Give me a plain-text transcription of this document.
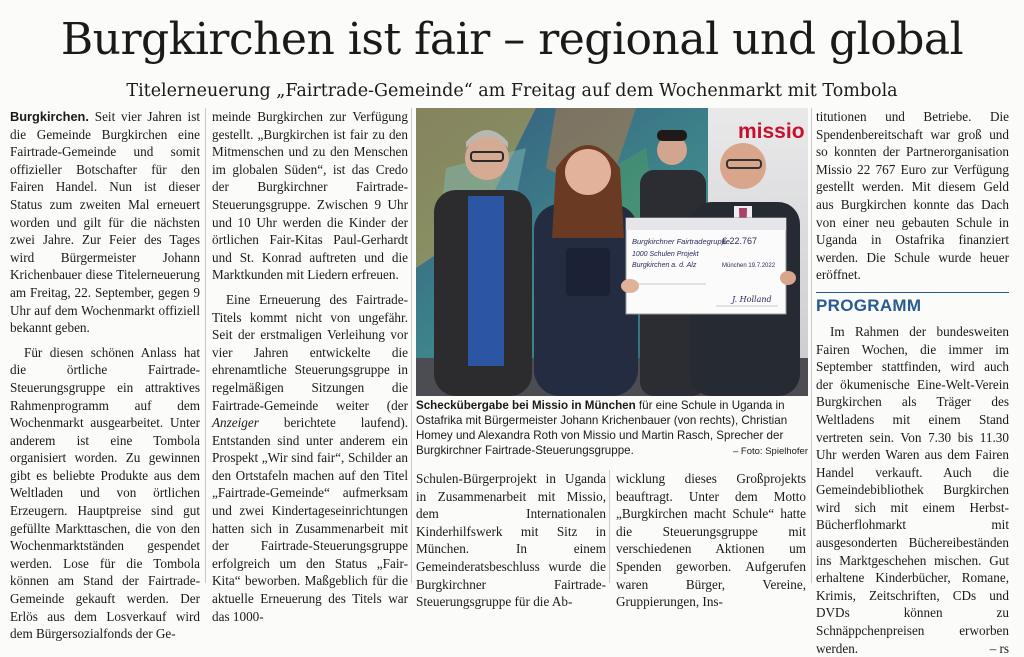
Burgkirchen ist fair – regional und global
Titelerneuerung „Fairtrade-Gemeinde“ am Freitag auf dem Wochenmarkt mit Tombola

Burgkirchen. Seit vier Jahren ist die Gemeinde Burgkirchen eine Fairtrade-Gemeinde und somit offizieller Botschafter für den Fairen Handel. Nun ist dieser Status zum zweiten Mal erneuert worden und gilt für die nächsten zwei Jahre. Zur Feier des Tages wird Bürgermeister Johann Krichenbauer diese Titelerneuerung am Freitag, 22. September, gegen 9 Uhr auf dem Wochenmarkt offiziell bekannt geben.

Für diesen schönen Anlass hat die örtliche Fairtrade-Steuerungsgruppe ein attraktives Rahmenprogramm auf dem Wochenmarkt ausgearbeitet. Unter anderem ist eine Tombola organisiert worden. Zu gewinnen gibt es beliebte Produkte aus dem Weltladen und von örtlichen Erzeugern. Hauptpreise sind gut gefüllte Markttaschen, die von den Wochenmarktständen gespendet werden. Lose für die Tombola können am Stand der Fairtrade-Gemeinde gekauft werden. Der Erlös aus dem Losverkauf wird dem Bürgersozialfonds der Ge-

meinde Burgkirchen zur Verfügung gestellt. „Burgkirchen ist fair zu den Mitmenschen und zu den Menschen im globalen Süden“, ist das Credo der Burgkirchner Fairtrade-Steuerungsgruppe. Zwischen 9 Uhr und 10 Uhr werden die Kinder der örtlichen Fair-Kitas Paul-Gerhardt und St. Konrad auftreten und die Marktkunden mit Liedern erfreuen.

Eine Erneuerung des Fairtrade-Titels kommt nicht von ungefähr. Seit der erstmaligen Verleihung vor vier Jahren entwickelte die ehrenamtliche Steuerungsgruppe in regelmäßigen Sitzungen die Fairtrade-Gemeinde weiter (der Anzeiger berichtete laufend). Entstanden sind unter anderem ein Prospekt „Wir sind fair“, Schilder an den Ortstafeln machen auf den Titel „Fairtrade-Gemeinde“ aufmerksam und zwei Kindertageseinrichtungen hatten sich in Zusammenarbeit mit der Fairtrade-Steuerungsgruppe erfolgreich um den Status „Fair-Kita“ beworben. Maßgeblich für die aktuelle Erneuerung des Titels war das 1000-

missio
Burgkirchner Fairtradegruppe
1000 Schulen Projekt
Burgkirchen a. d. Alz
€ 22.767
München 19.7.2022
J. Holland
Scheckübergabe bei Missio in München für eine Schule in Uganda in Ostafrika mit Bürgermeister Johann Krichenbauer (von rechts), Christian Homey und Alexandra Roth von Missio und Martin Rasch, Sprecher der Burgkirchner Fairtrade-Steuerungsgruppe.	– Foto: Spielhofer

Schulen-Bürgerprojekt in Uganda in Zusammenarbeit mit Missio, dem Internationalen Kinderhilfswerk mit Sitz in München. In einem Gemeinderatsbeschluss wurde die Burgkirchner Fairtrade-Steuerungsgruppe für die Ab-

wicklung dieses Großprojekts beauftragt. Unter dem Motto „Burgkirchen macht Schule“ hatte die Steuerungsgruppe mit verschiedenen Aktionen um Spenden geworben. Aufgerufen waren Bürger, Vereine, Gruppierungen, Ins-

titutionen und Betriebe. Die Spendenbereitschaft war groß und so konnten der Partnerorganisation Missio 22 767 Euro zur Verfügung gestellt werden. Mit diesem Geld aus Burgkirchen konnte das Dach von einer neu gebauten Schule in Uganda in Ostafrika finanziert werden. Die Schule wurde heuer eröffnet.

PROGRAMM

Im Rahmen der bundesweiten Fairen Wochen, die immer im September stattfinden, wird auch der ökumenische Eine-Welt-Verein Burgkirchen als Träger des Weltladens mit einem Stand vertreten sein. Von 7.30 bis 11.30 Uhr werden Waren aus dem Fairen Handel verkauft. Auch die Gemeindebibliothek Burgkirchen wird sich mit einem Herbst-Bücherflohmarkt mit ausgesonderten Büchereibeständen ins Marktgeschehen mischen. Gut erhaltene Kinderbücher, Romane, Krimis, Zeitschriften, CDs und DVDs können zu Schnäppchenpreisen erworben werden.	– rs
